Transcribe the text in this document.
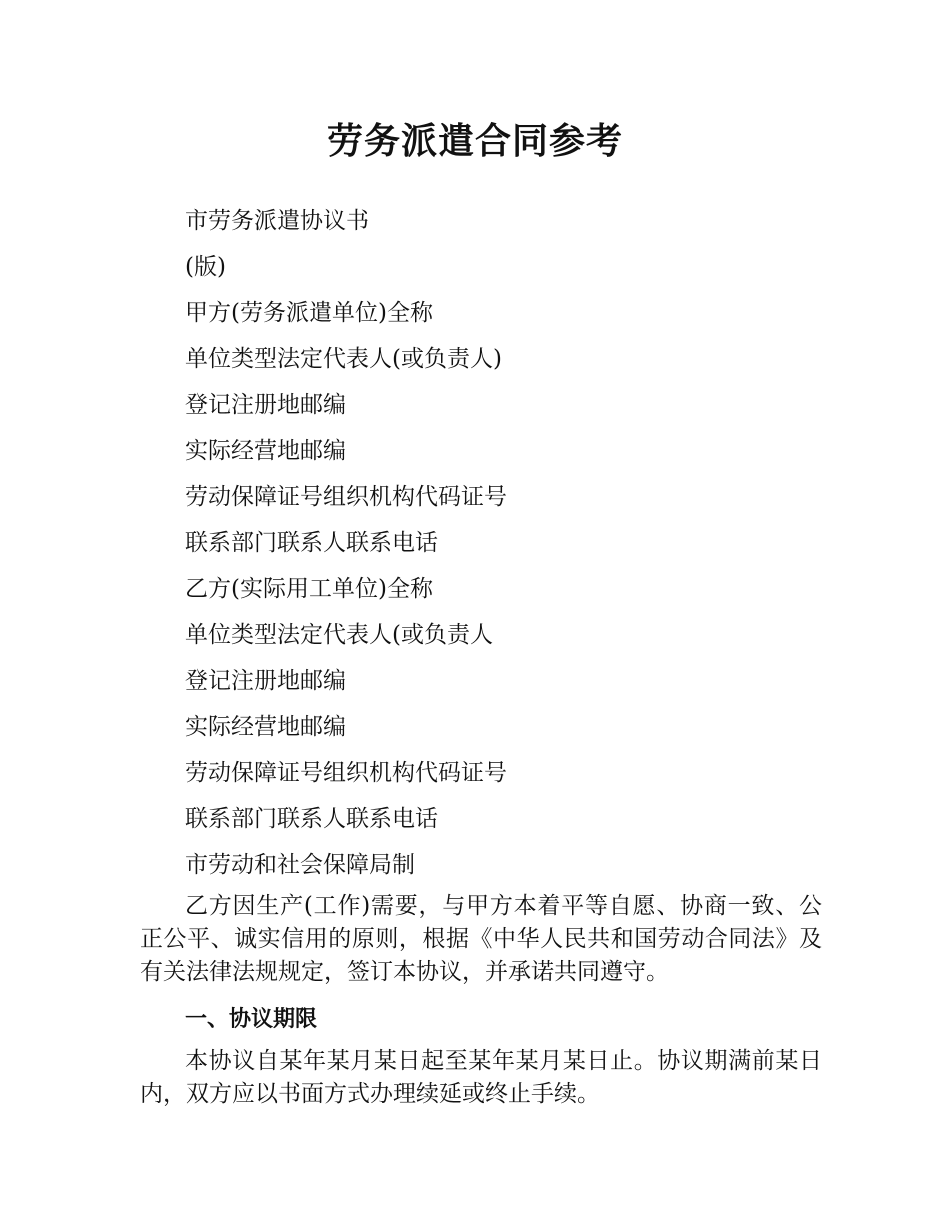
劳务派遣合同参考

市劳务派遣协议书

(版)

甲方(劳务派遣单位)全称

单位类型法定代表人(或负责人)

登记注册地邮编

实际经营地邮编

劳动保障证号组织机构代码证号

联系部门联系人联系电话

乙方(实际用工单位)全称

单位类型法定代表人(或负责人

登记注册地邮编

实际经营地邮编

劳动保障证号组织机构代码证号

联系部门联系人联系电话

市劳动和社会保障局制

乙方因生产(工作)需要，与甲方本着平等自愿、协商一致、公正公平、诚实信用的原则，根据《中华人民共和国劳动合同法》及有关法律法规规定，签订本协议，并承诺共同遵守。

一、协议期限

本协议自某年某月某日起至某年某月某日止。协议期满前某日内，双方应以书面方式办理续延或终止手续。
